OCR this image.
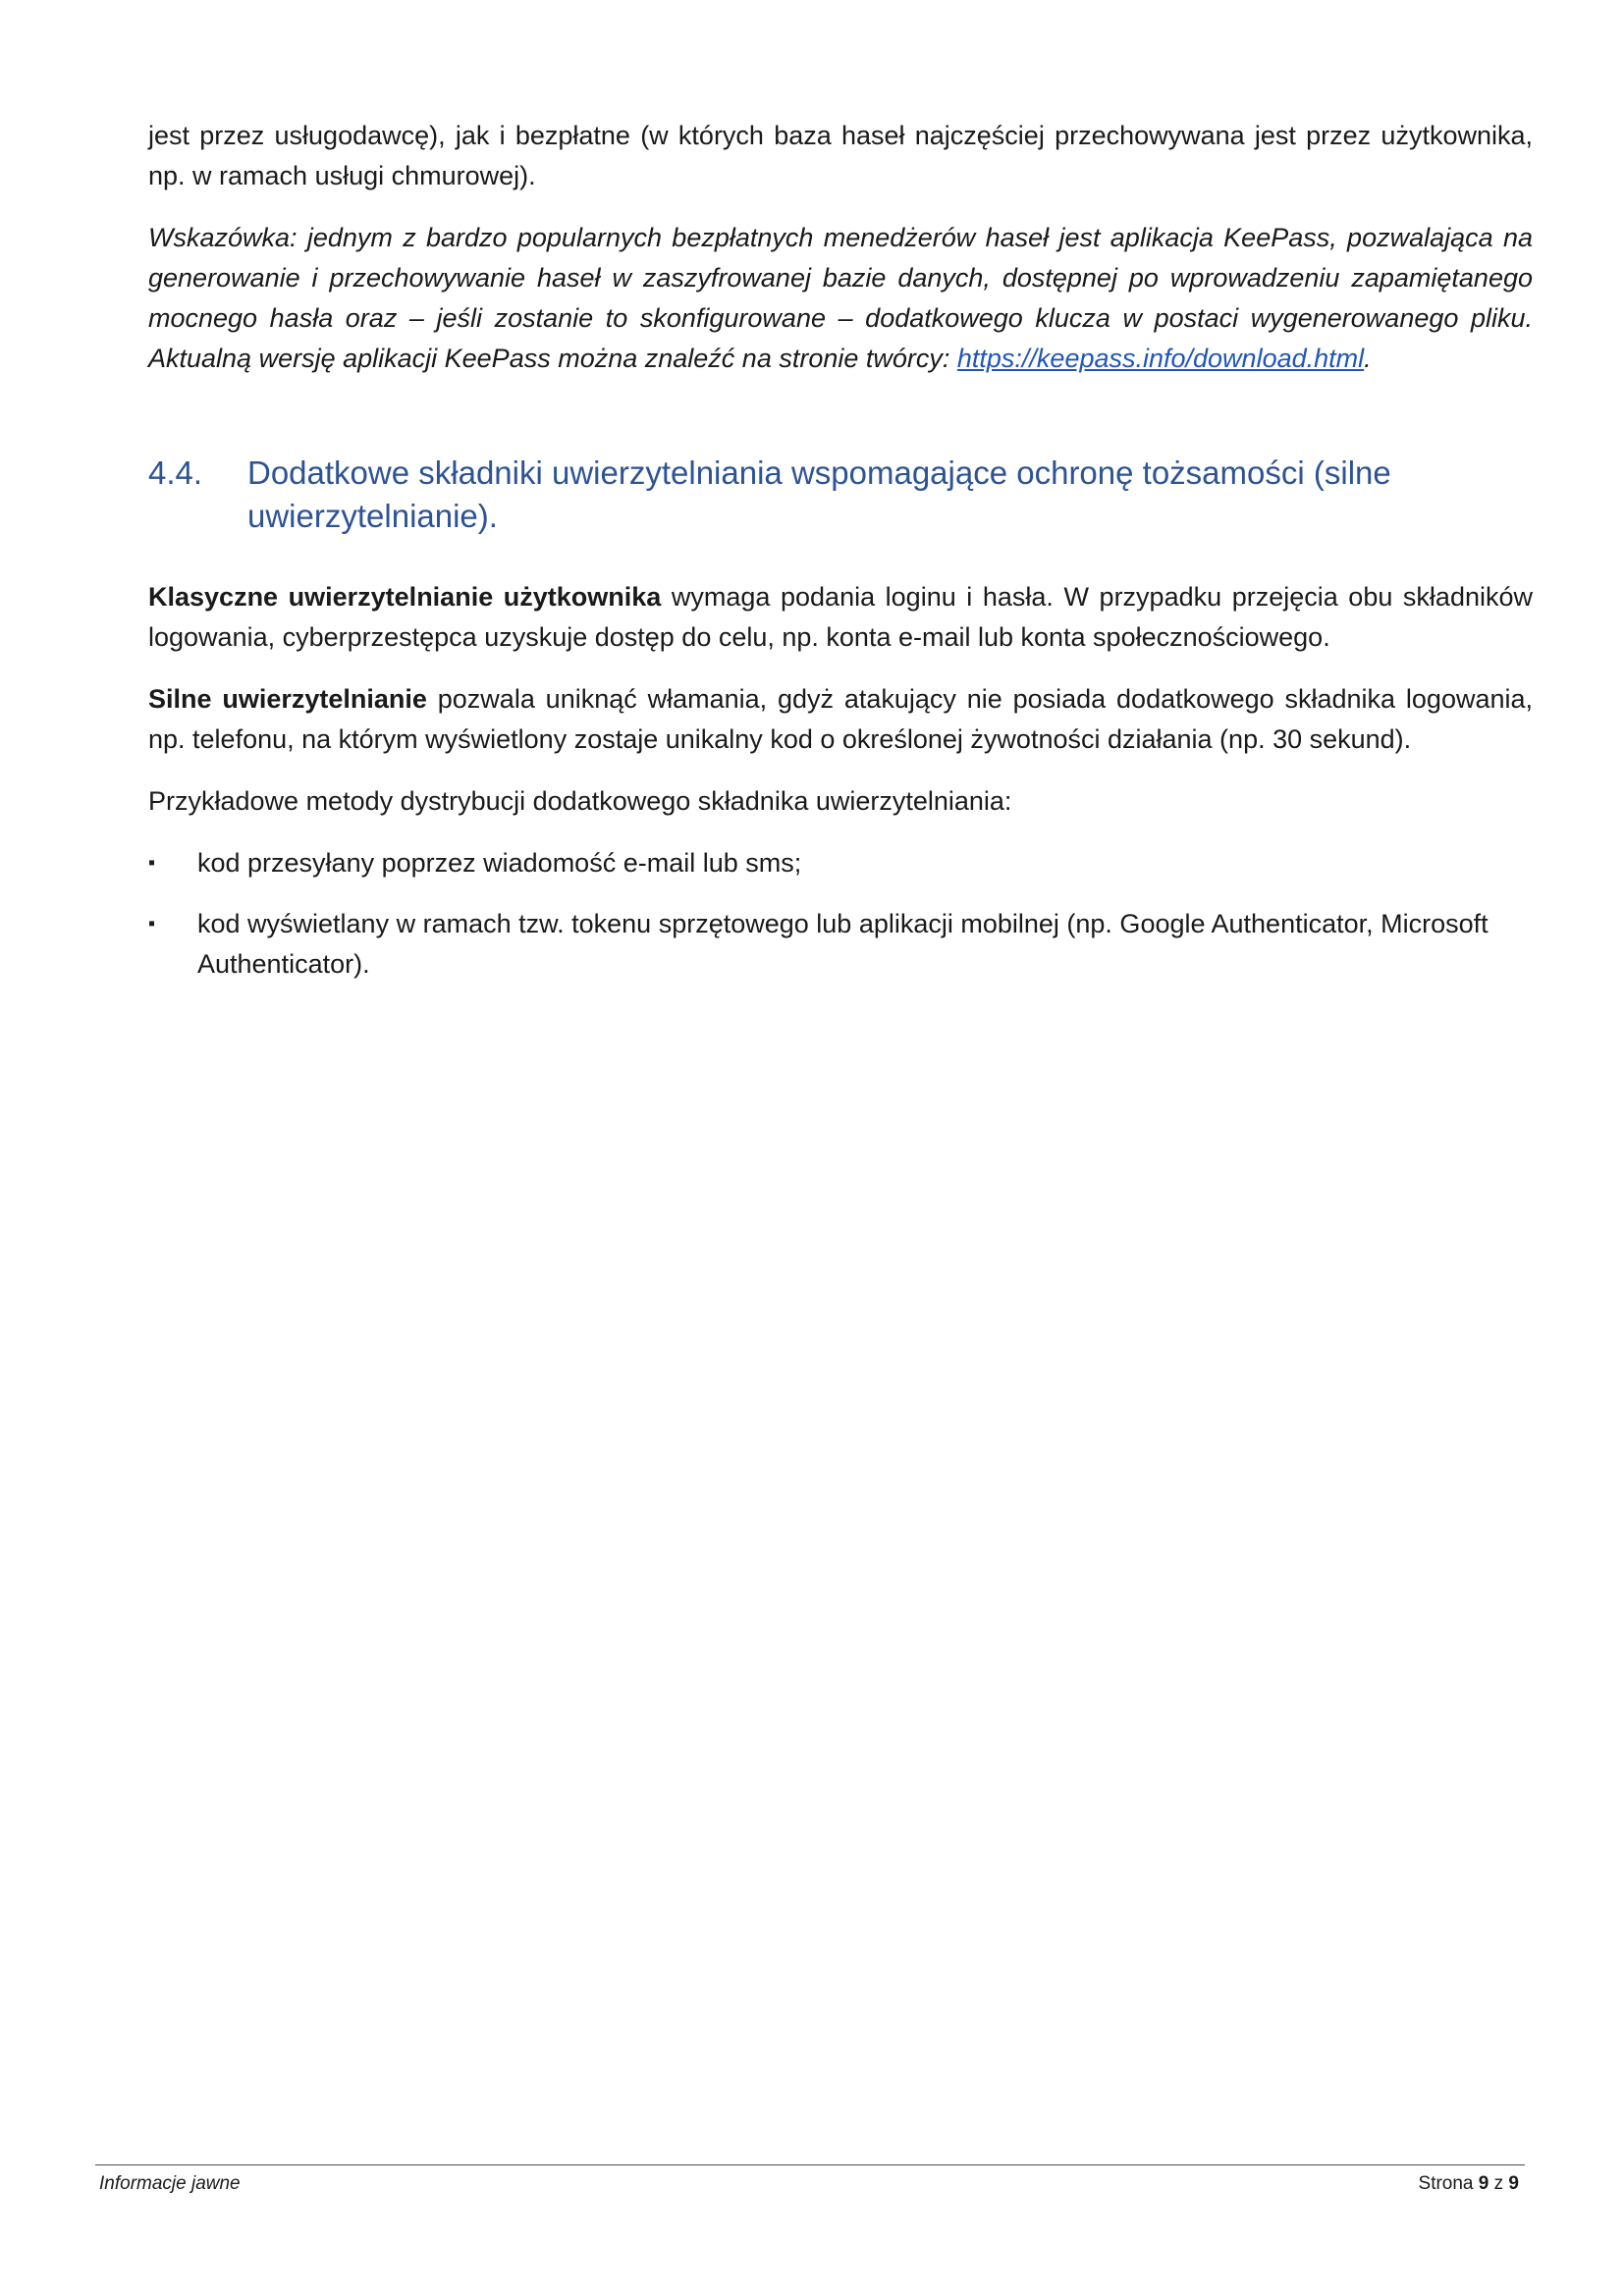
jest przez usługodawcę), jak i bezpłatne (w których baza haseł najczęściej przechowywana jest przez użytkownika, np. w ramach usługi chmurowej).

Wskazówka: jednym z bardzo popularnych bezpłatnych menedżerów haseł jest aplikacja KeePass, pozwalająca na generowanie i przechowywanie haseł w zaszyfrowanej bazie danych, dostępnej po wprowadzeniu zapamiętanego mocnego hasła oraz – jeśli zostanie to skonfigurowane – dodatkowego klucza w postaci wygenerowanego pliku. Aktualną wersję aplikacji KeePass można znaleźć na stronie twórcy: https://keepass.info/download.html.

4.4.	Dodatkowe składniki uwierzytelniania wspomagające ochronę tożsamości (silne uwierzytelnianie).

Klasyczne uwierzytelnianie użytkownika wymaga podania loginu i hasła. W przypadku przejęcia obu składników logowania, cyberprzestępca uzyskuje dostęp do celu, np. konta e-mail lub konta społecznościowego.

Silne uwierzytelnianie pozwala uniknąć włamania, gdyż atakujący nie posiada dodatkowego składnika logowania, np. telefonu, na którym wyświetlony zostaje unikalny kod o określonej żywotności działania (np. 30 sekund).

Przykładowe metody dystrybucji dodatkowego składnika uwierzytelniania:

▪	kod przesyłany poprzez wiadomość e-mail lub sms;
▪	kod wyświetlany w ramach tzw. tokenu sprzętowego lub aplikacji mobilnej (np. Google Authenticator, Microsoft Authenticator).
Informacje jawne	Strona 9 z 9
